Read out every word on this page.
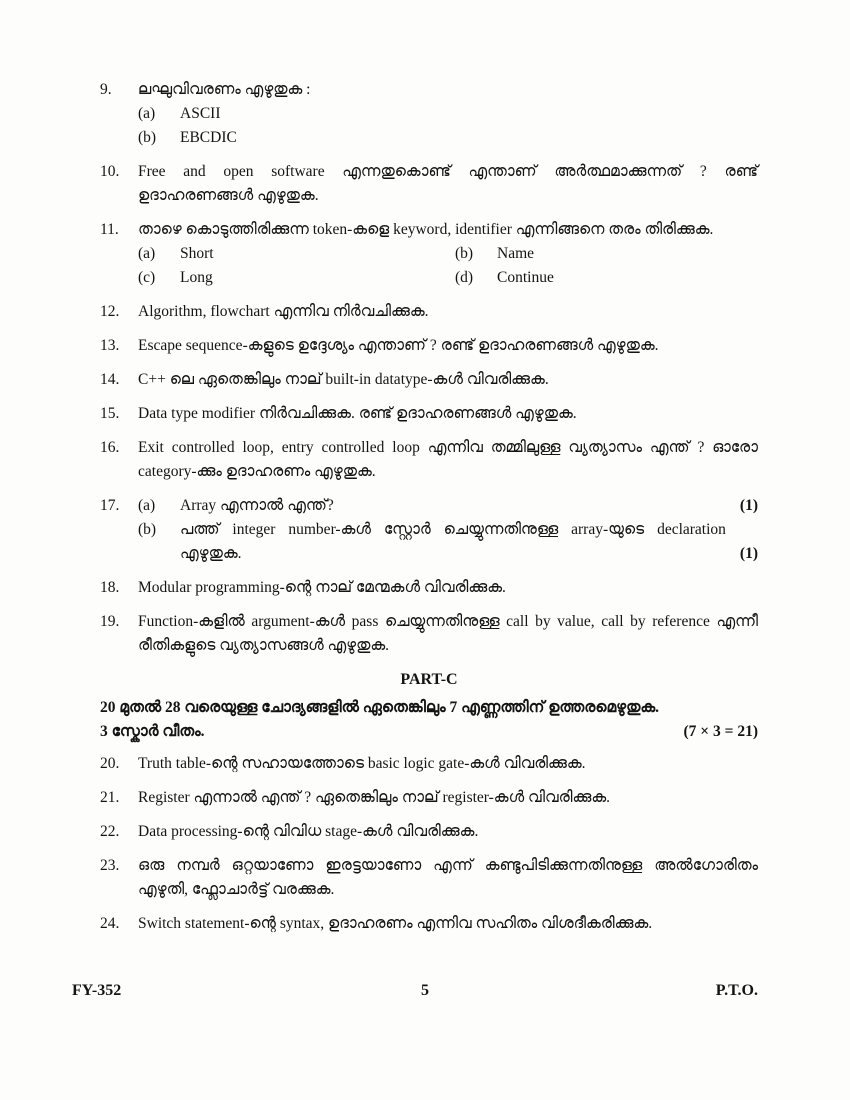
9.	ലഘുവിവരണം എഴുതുക :
(a)	ASCII
(b)	EBCDIC
10.	Free and open software എന്നതുകൊണ്ട് എന്താണ് അർത്ഥമാക്കുന്നത് ? രണ്ട് ഉദാഹരണങ്ങൾ എഴുതുക.
11.	താഴെ കൊടുത്തിരിക്കുന്ന token-കളെ keyword, identifier എന്നിങ്ങനെ തരം തിരിക്കുക.
(a)	Short	(b)	Name
(c)	Long	(d)	Continue
12.	Algorithm, flowchart എന്നിവ നിർവചിക്കുക.
13.	Escape sequence-കളുടെ ഉദ്ദേശ്യം എന്താണ് ? രണ്ട് ഉദാഹരണങ്ങൾ എഴുതുക.
14.	C++ ലെ ഏതെങ്കിലും നാല് built-in datatype-കൾ വിവരിക്കുക.
15.	Data type modifier നിർവചിക്കുക. രണ്ട് ഉദാഹരണങ്ങൾ എഴുതുക.
16.	Exit controlled loop, entry controlled loop എന്നിവ തമ്മിലുള്ള വ്യത്യാസം എന്ത് ? ഓരോ category-ക്കും ഉദാഹരണം എഴുതുക.
17.	(a)	Array എന്നാൽ എന്ത്?	(1)
(b)	പത്ത് integer number-കൾ സ്റ്റോർ ചെയ്യുന്നതിനുള്ള array-യുടെ declaration എഴുതുക.	(1)
18.	Modular programming-ന്റെ നാല് മേന്മകൾ വിവരിക്കുക.
19.	Function-കളിൽ argument-കൾ pass ചെയ്യുന്നതിനുള്ള call by value, call by reference എന്നീ രീതികളുടെ വ്യത്യാസങ്ങൾ എഴുതുക.
PART-C
20 മുതൽ 28 വരെയുള്ള ചോദ്യങ്ങളിൽ ഏതെങ്കിലും 7 എണ്ണത്തിന് ഉത്തരമെഴുതുക.
3 സ്കോർ വീതം.	(7 × 3 = 21)
20.	Truth table-ന്റെ സഹായത്തോടെ basic logic gate-കൾ വിവരിക്കുക.
21.	Register എന്നാൽ എന്ത് ? ഏതെങ്കിലും നാല് register-കൾ വിവരിക്കുക.
22.	Data processing-ന്റെ വിവിധ stage-കൾ വിവരിക്കുക.
23.	ഒരു നമ്പർ ഒറ്റയാണോ ഇരട്ടയാണോ എന്ന് കണ്ടുപിടിക്കുന്നതിനുള്ള അൽഗോരിതം എഴുതി, ഫ്ലോചാർട്ട് വരക്കുക.
24.	Switch statement-ന്റെ syntax, ഉദാഹരണം എന്നിവ സഹിതം വിശദീകരിക്കുക.
FY-352	5	P.T.O.
